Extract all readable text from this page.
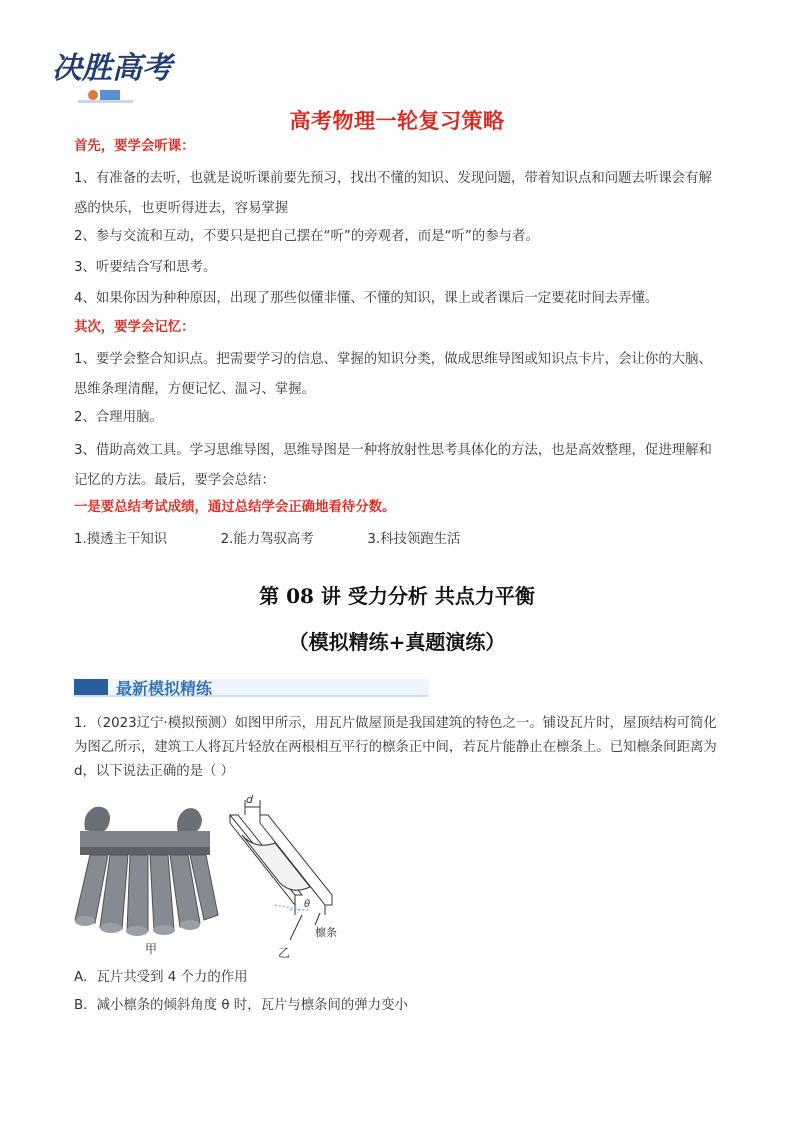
决胜高考
高考物理一轮复习策略
首先，要学会听课：
1、有准备的去听，也就是说听课前要先预习，找出不懂的知识、发现问题，带着知识点和问题去听课会有解惑的快乐，也更听得进去，容易掌握
2、参与交流和互动，不要只是把自己摆在“听”的旁观者，而是“听”的参与者。
3、听要结合写和思考。
4、如果你因为种种原因，出现了那些似懂非懂、不懂的知识，课上或者课后一定要花时间去弄懂。
其次，要学会记忆：
1、要学会整合知识点。把需要学习的信息、掌握的知识分类，做成思维导图或知识点卡片，会让你的大脑、思维条理清醒，方便记忆、温习、掌握。
2、合理用脑。
3、借助高效工具。学习思维导图，思维导图是一种将放射性思考具体化的方法，也是高效整理，促进理解和记忆的方法。最后，要学会总结：
一是要总结考试成绩，通过总结学会正确地看待分数。
1.摸透主干知识	2.能力驾驭高考	3.科技领跑生活
第 08 讲 受力分析 共点力平衡
（模拟精练+真题演练）
最新模拟精练
1．（2023辽宁·模拟预测）如图甲所示，用瓦片做屋顶是我国建筑的特色之一。铺设瓦片时，屋顶结构可简化为图乙所示，建筑工人将瓦片轻放在两根相互平行的檩条正中间，若瓦片能静止在檩条上。已知檩条间距离为 d，以下说法正确的是（ ）
甲
d
θ
檩条
乙
A．瓦片共受到 4 个力的作用
B．减小檩条的倾斜角度 θ 时，瓦片与檩条间的弹力变小
